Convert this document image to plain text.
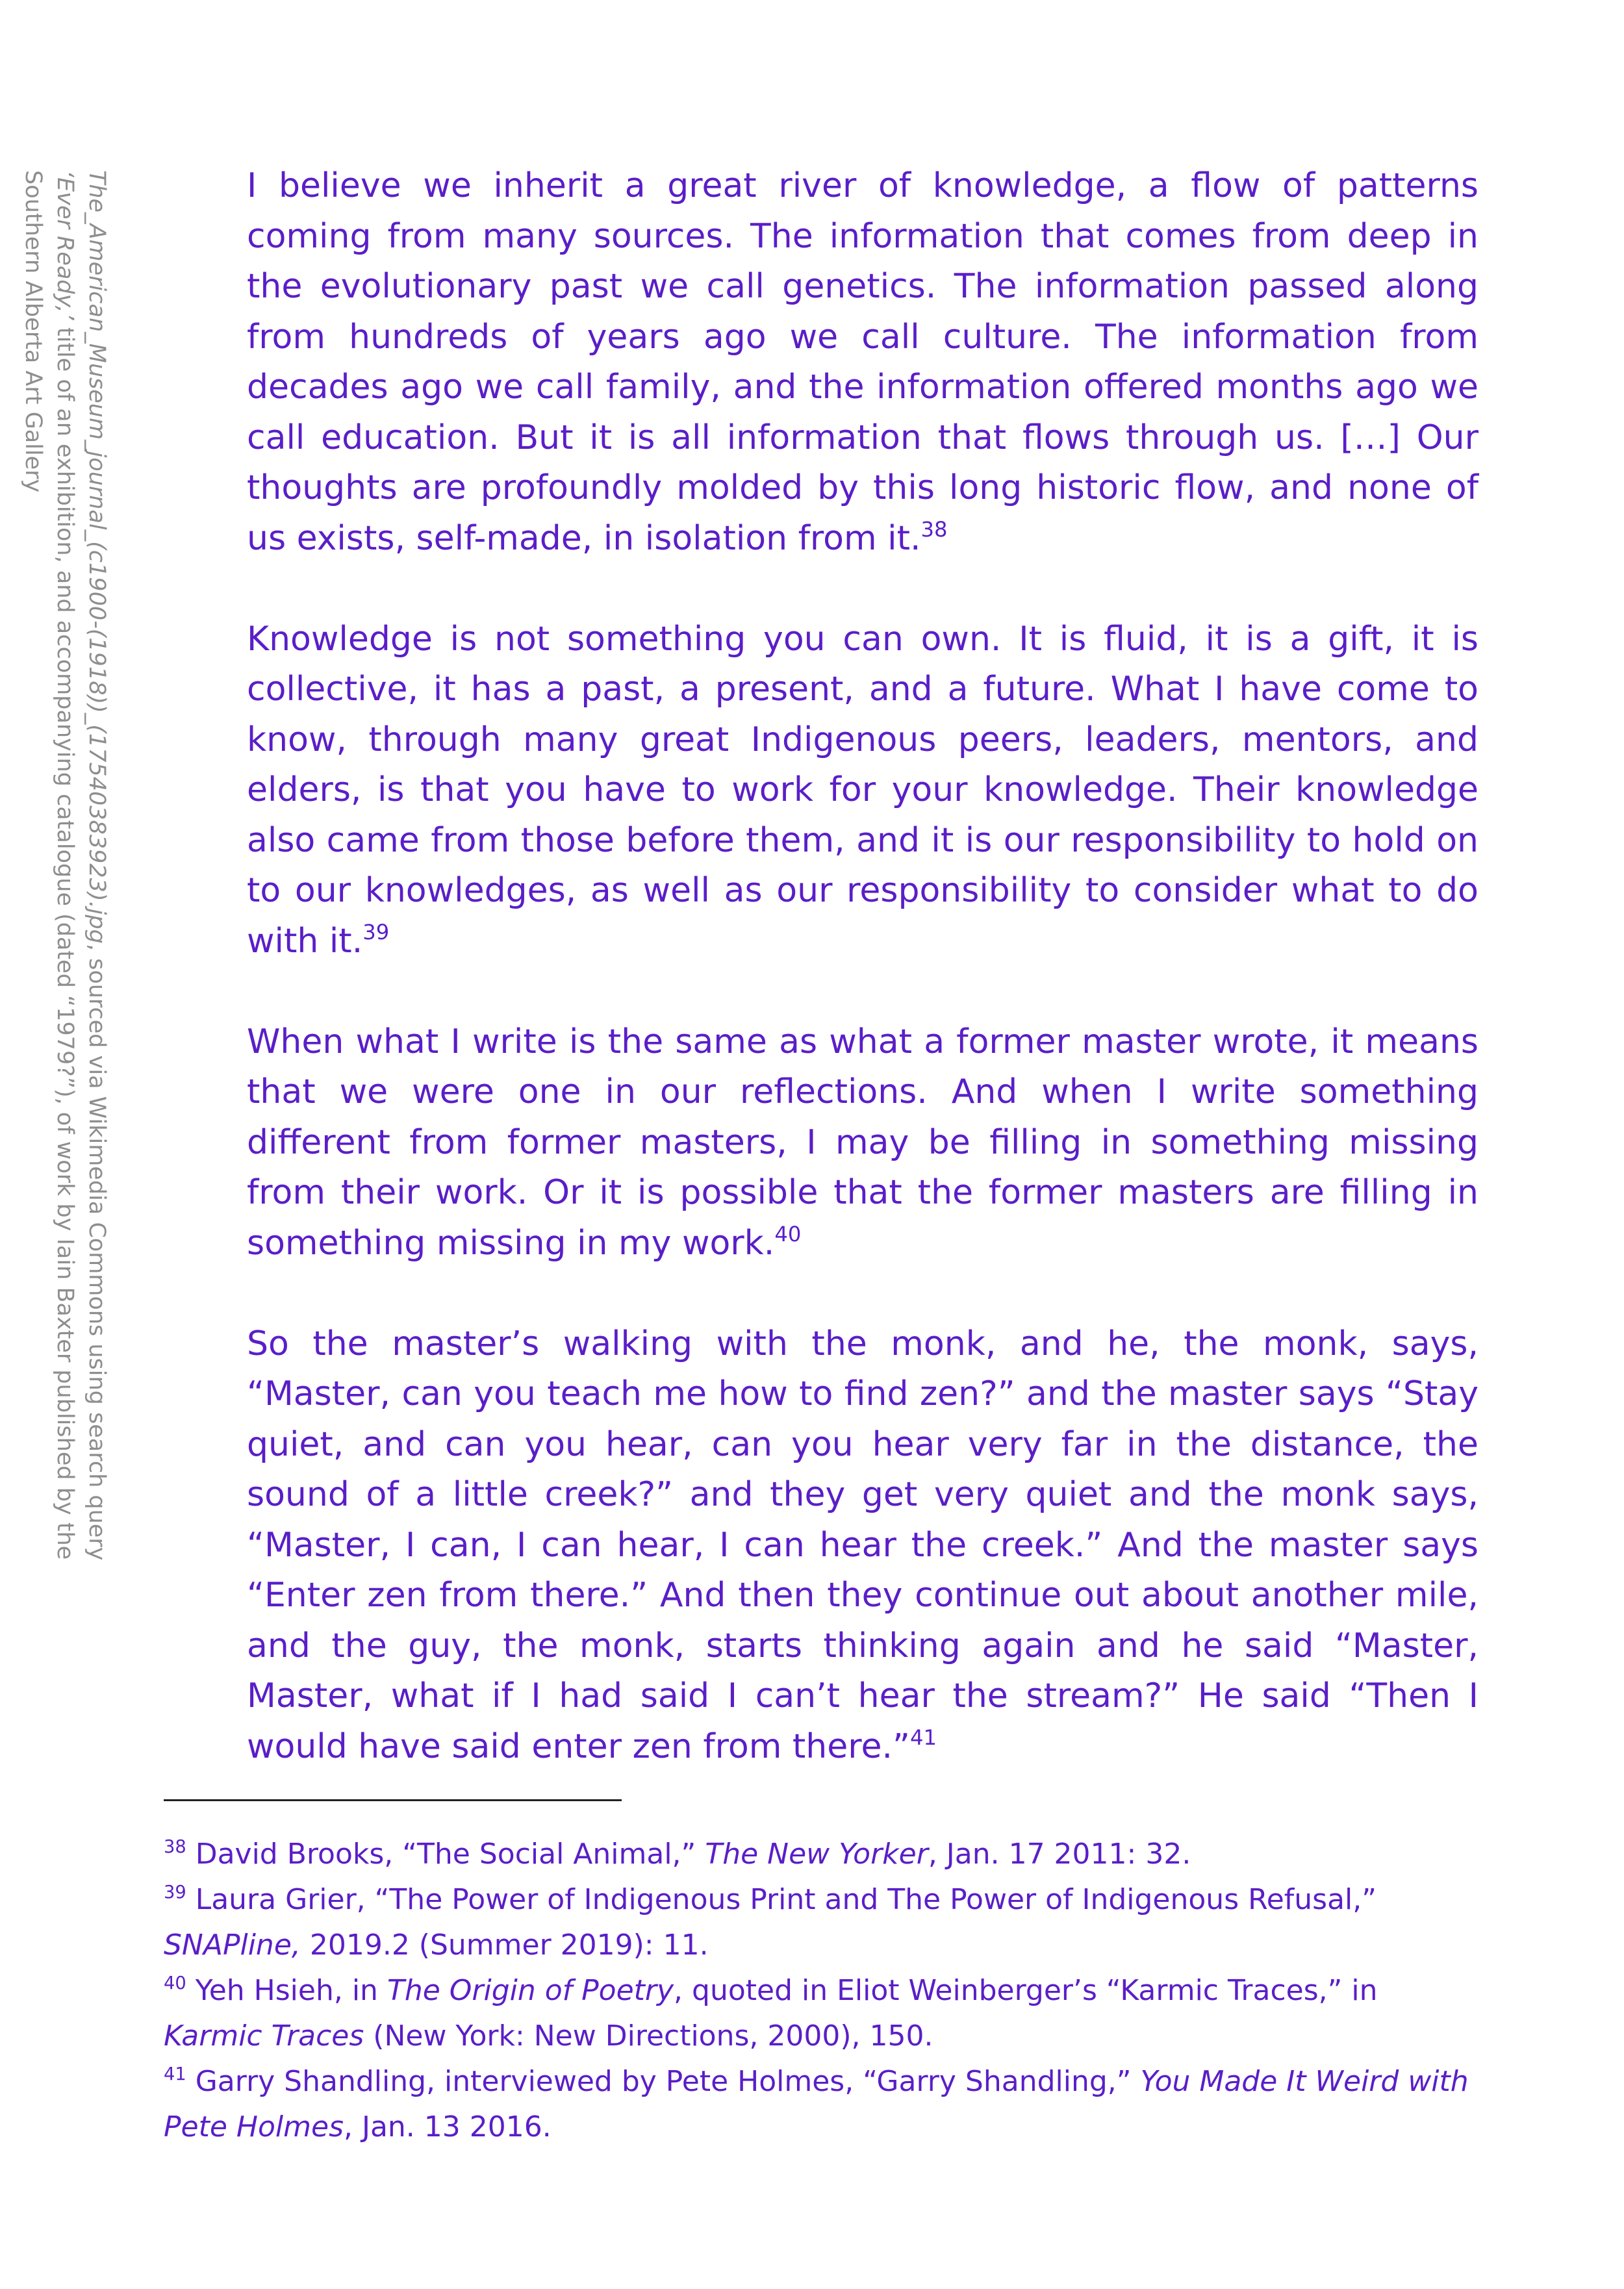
The_American_Museum_journal_(c1900-(1918))_(17540383923).jpg, sourced via Wikimedia Commons using search query
‘Ever Ready,’ title of an exhibition, and accompanying catalogue (dated “1979?”), of work by Iain Baxter published by the
Southern Alberta Art Gallery	I believe we inherit a great river of knowledge, a flow of patterns coming from many sources. The information that comes from deep in the evolutionary past we call genetics. The information passed along from hundreds of years ago we call culture. The information from decades ago we call family, and the information offered months ago we call education. But it is all information that flows through us. […] Our thoughts are profoundly molded by this long historic flow, and none of us exists, self-made, in isolation from it.$^{38}$

Knowledge is not something you can own. It is fluid, it is a gift, it is collective, it has a past, a present, and a future. What I have come to know, through many great Indigenous peers, leaders, mentors, and elders, is that you have to work for your knowledge. Their knowledge also came from those before them, and it is our responsibility to hold on to our knowledges, as well as our responsibility to consider what to do with it.$^{39}$

When what I write is the same as what a former master wrote, it means that we were one in our reflections. And when I write something different from former masters, I may be filling in something missing from their work. Or it is possible that the former masters are filling in something missing in my work.$^{40}$

So the master’s walking with the monk, and he, the monk, says, “Master, can you teach me how to find zen?” and the master says “Stay quiet, and can you hear, can you hear very far in the distance, the sound of a little creek?” and they get very quiet and the monk says, “Master, I can, I can hear, I can hear the creek.” And the master says “Enter zen from there.” And then they continue out about another mile, and the guy, the monk, starts thinking again and he said “Master, Master, what if I had said I can’t hear the stream?” He said “Then I would have said enter zen from there.”$^{41}$

$^{38}$ David Brooks, “The Social Animal,” The New Yorker, Jan. 17 2011: 32.

$^{39}$ Laura Grier, “The Power of Indigenous Print and The Power of Indigenous Refusal,” SNAPline, 2019.2 (Summer 2019): 11.

$^{40}$ Yeh Hsieh, in The Origin of Poetry, quoted in Eliot Weinberger’s “Karmic Traces,” in Karmic Traces (New York: New Directions, 2000), 150.

$^{41}$ Garry Shandling, interviewed by Pete Holmes, “Garry Shandling,” You Made It Weird with Pete Holmes, Jan. 13 2016.
